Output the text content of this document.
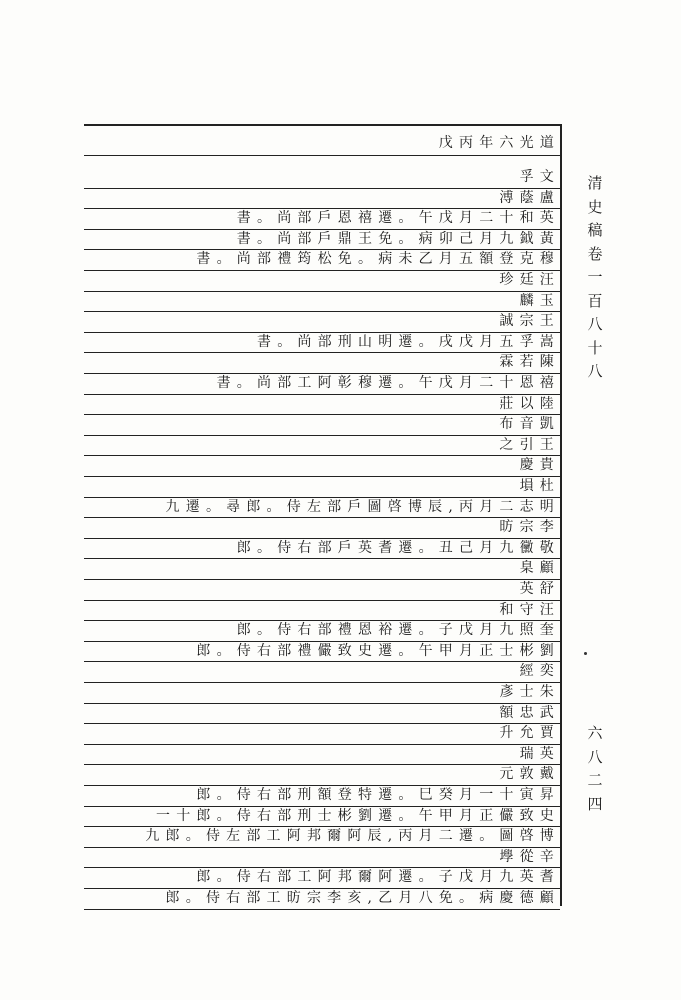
戊丙年六光道
孚文
溥蔭盧
書。尚部戶恩禧遷。午戊月二十和英
書。尚部戶鼎王免。病卯己月九鉞黃
書。尚部禮筠松免。病未乙月五額登克穆
珍廷汪
麟玉
誠宗王
書。尚部刑山明遷。戌戊月五孚嵩
霖若陳
書。尚部工阿彰穆遷。午戊月二十恩禧
莊以陸
布音凱
之引王
慶貴
塤杜
九遷。尋郎。侍左部戶圖啓博辰,丙月二志明
昉宗李
郎。侍右部戶英耆遷。丑己月九黴敬
臬顧
英舒
和守汪
郎。侍右部禮恩裕遷。子戊月九照奎
郎。侍右部禮儼致史遷。午甲月正士彬劉
經奕
彥士朱
額忠武
升允賈
瑞英
元敦戴
郎。侍右部刑額登特遷。巳癸月一十寅昇
一十郎。侍右部刑士彬劉遷。午甲月正儼致史
九郎。侍左部工阿邦爾阿辰,丙月二遷。圖啓博
㙾從辛
郎。侍右部工阿邦爾阿遷。子戊月九英耆
郎。侍右部工昉宗李亥,乙月八免。病慶德顧
清史稿卷一百八十八
六八二四
